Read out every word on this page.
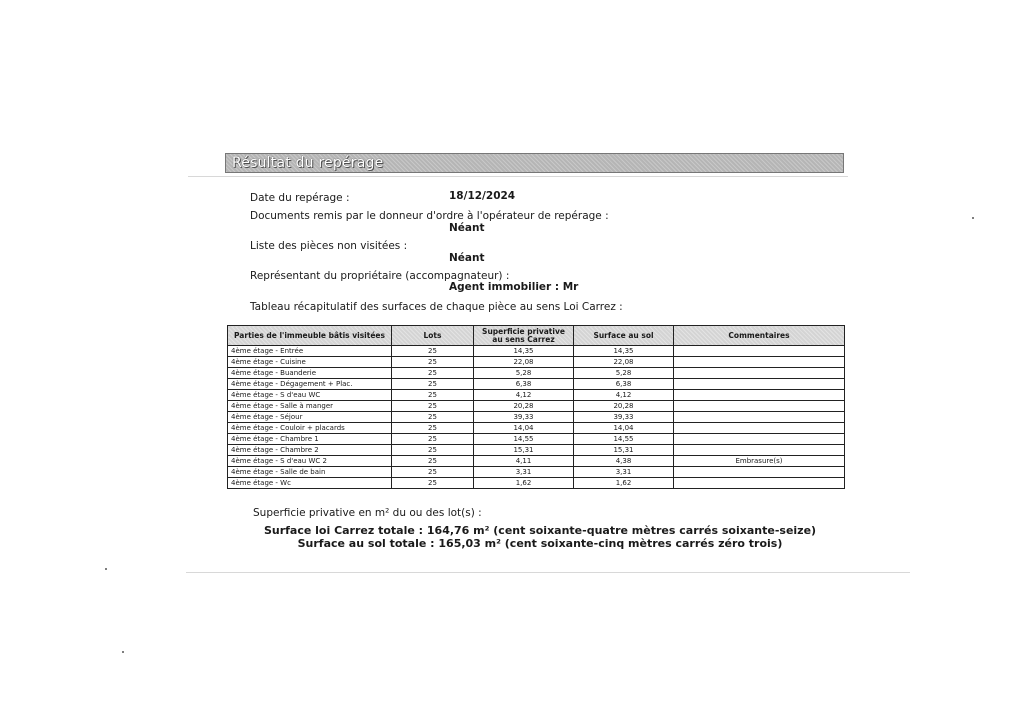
Résultat du repérage
Date du repérage :	18/12/2024
Documents remis par le donneur d'ordre à l'opérateur de repérage :
Néant
Liste des pièces non visitées :
Néant
Représentant du propriétaire (accompagnateur) :
Agent immobilier : Mr
Tableau récapitulatif des surfaces de chaque pièce au sens Loi Carrez :
Parties de l'immeuble bâtis visitées	Lots	Superficie privative au sens Carrez	Surface au sol	Commentaires
4ème étage - Entrée	25	14,35	14,35	
4ème étage - Cuisine	25	22,08	22,08	
4ème étage - Buanderie	25	5,28	5,28	
4ème étage - Dégagement + Plac.	25	6,38	6,38	
4ème étage - S d'eau WC	25	4,12	4,12	
4ème étage - Salle à manger	25	20,28	20,28	
4ème étage - Séjour	25	39,33	39,33	
4ème étage - Couloir + placards	25	14,04	14,04	
4ème étage - Chambre 1	25	14,55	14,55	
4ème étage - Chambre 2	25	15,31	15,31	
4ème étage - S d'eau WC 2	25	4,11	4,38	Embrasure(s)
4ème étage - Salle de bain	25	3,31	3,31	
4ème étage - Wc	25	1,62	1,62	
Superficie privative en m² du ou des lot(s) :
Surface loi Carrez totale : 164,76 m² (cent soixante-quatre mètres carrés soixante-seize)
Surface au sol totale : 165,03 m² (cent soixante-cinq mètres carrés zéro trois)
